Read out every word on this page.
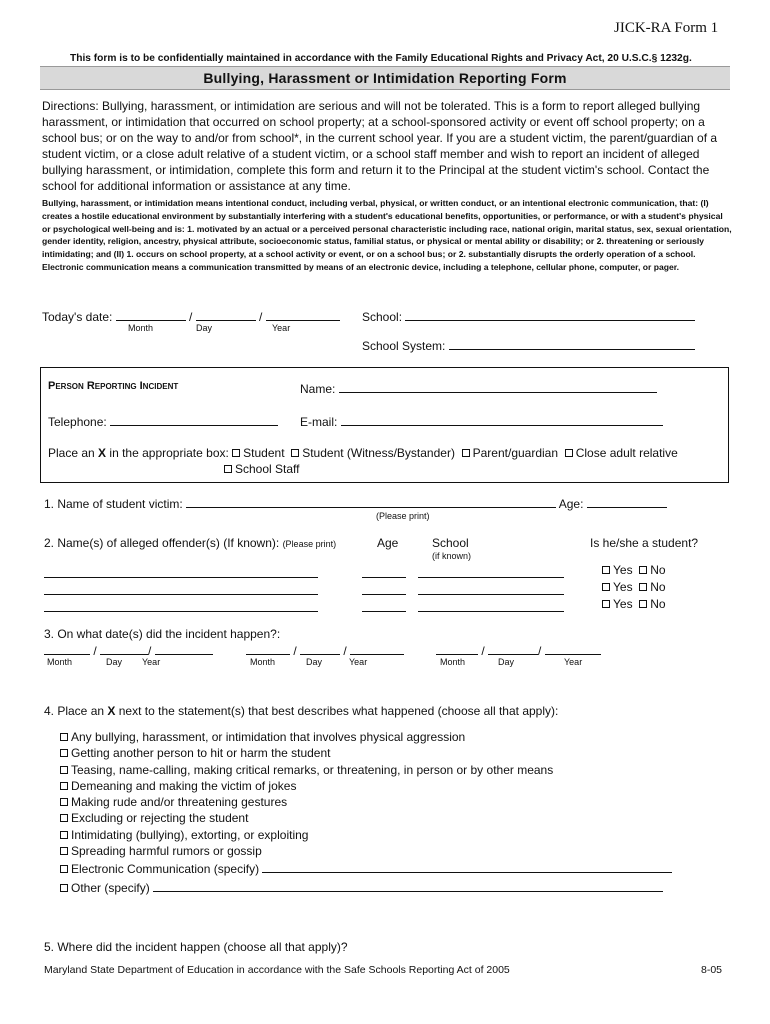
JICK-RA Form 1
This form is to be confidentially maintained in accordance with the Family Educational Rights and Privacy Act, 20 U.S.C.§ 1232g.
Bullying, Harassment or Intimidation Reporting Form
Directions: Bullying, harassment, or intimidation are serious and will not be tolerated. This is a form to report alleged bullying harassment, or intimidation that occurred on school property; at a school-sponsored activity or event off school property; on a school bus; or on the way to and/or from school*, in the current school year. If you are a student victim, the parent/guardian of a student victim, or a close adult relative of a student victim, or a school staff member and wish to report an incident of alleged bullying harassment, or intimidation, complete this form and return it to the Principal at the student victim's school. Contact the school for additional information or assistance at any time.
Bullying, harassment, or intimidation means intentional conduct, including verbal, physical, or written conduct, or an intentional electronic communication, that: (I) creates a hostile educational environment by substantially interfering with a student's educational benefits, opportunities, or performance, or with a student's physical or psychological well-being and is: 1. motivated by an actual or a perceived personal characteristic including race, national origin, marital status, sex, sexual orientation, gender identity, religion, ancestry, physical attribute, socioeconomic status, familial status, or physical or mental ability or disability; or 2. threatening or seriously intimidating; and (II) 1. occurs on school property, at a school activity or event, or on a school bus; or 2. substantially disrupts the orderly operation of a school. Electronic communication means a communication transmitted by means of an electronic device, including a telephone, cellular phone, computer, or pager.
Today's date:	/	/
Month	Day	Year
School:
School System:
Person Reporting Incident	Name:
Telephone:	E-mail:
Place an X in the appropriate box: Student Student (Witness/Bystander) Parent/guardian Close adult relative
School Staff
1. Name of student victim:	Age:
(Please print)
2. Name(s) of alleged offender(s) (If known): (Please print)	Age	School
(if known)
Is he/she a student?
Yes No
Yes No
Yes No
3. On what date(s) did the incident happen?:
/	/
Month	Day Year
/	/
Month	Day	Year
/	/
Month	Day	Year
4. Place an X next to the statement(s) that best describes what happened (choose all that apply):
Any bullying, harassment, or intimidation that involves physical aggression
Getting another person to hit or harm the student
Teasing, name-calling, making critical remarks, or threatening, in person or by other means
Demeaning and making the victim of jokes
Making rude and/or threatening gestures
Excluding or rejecting the student
Intimidating (bullying), extorting, or exploiting
Spreading harmful rumors or gossip
Electronic Communication (specify)
Other (specify)
5. Where did the incident happen (choose all that apply)?
Maryland State Department of Education in accordance with the Safe Schools Reporting Act of 2005	8-05
